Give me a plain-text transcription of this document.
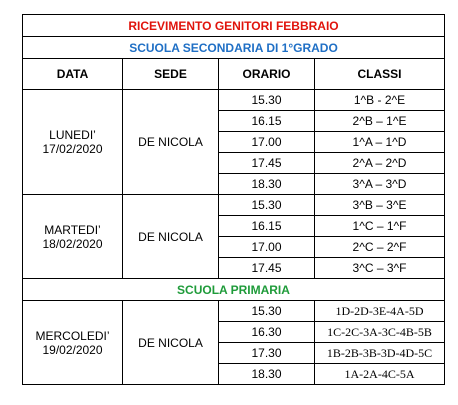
RICEVIMENTO GENITORI FEBBRAIO			
SCUOLA SECONDARIA DI 1°GRADO			
DATA	SEDE	ORARIO	CLASSI

LUNEDI’
17/02/2020	DE NICOLA	15.30	1^B - 2^E
		16.15	2^B – 1^E
		17.00	1^A – 1^D
		17.45	2^A – 2^D
		18.30	3^A – 3^D

MARTEDI’
18/02/2020	DE NICOLA	15.30	3^B – 3^E
		16.15	1^C – 1^F
		17.00	2^C – 2^F
		17.45	3^C – 3^F
SCUOLA PRIMARIA			

MERCOLEDI’
19/02/2020	DE NICOLA	15.30	1D-2D-3E-4A-5D
		16.30	1C-2C-3A-3C-4B-5B
		17.30	1B-2B-3B-3D-4D-5C
		18.30	1A-2A-4C-5A
